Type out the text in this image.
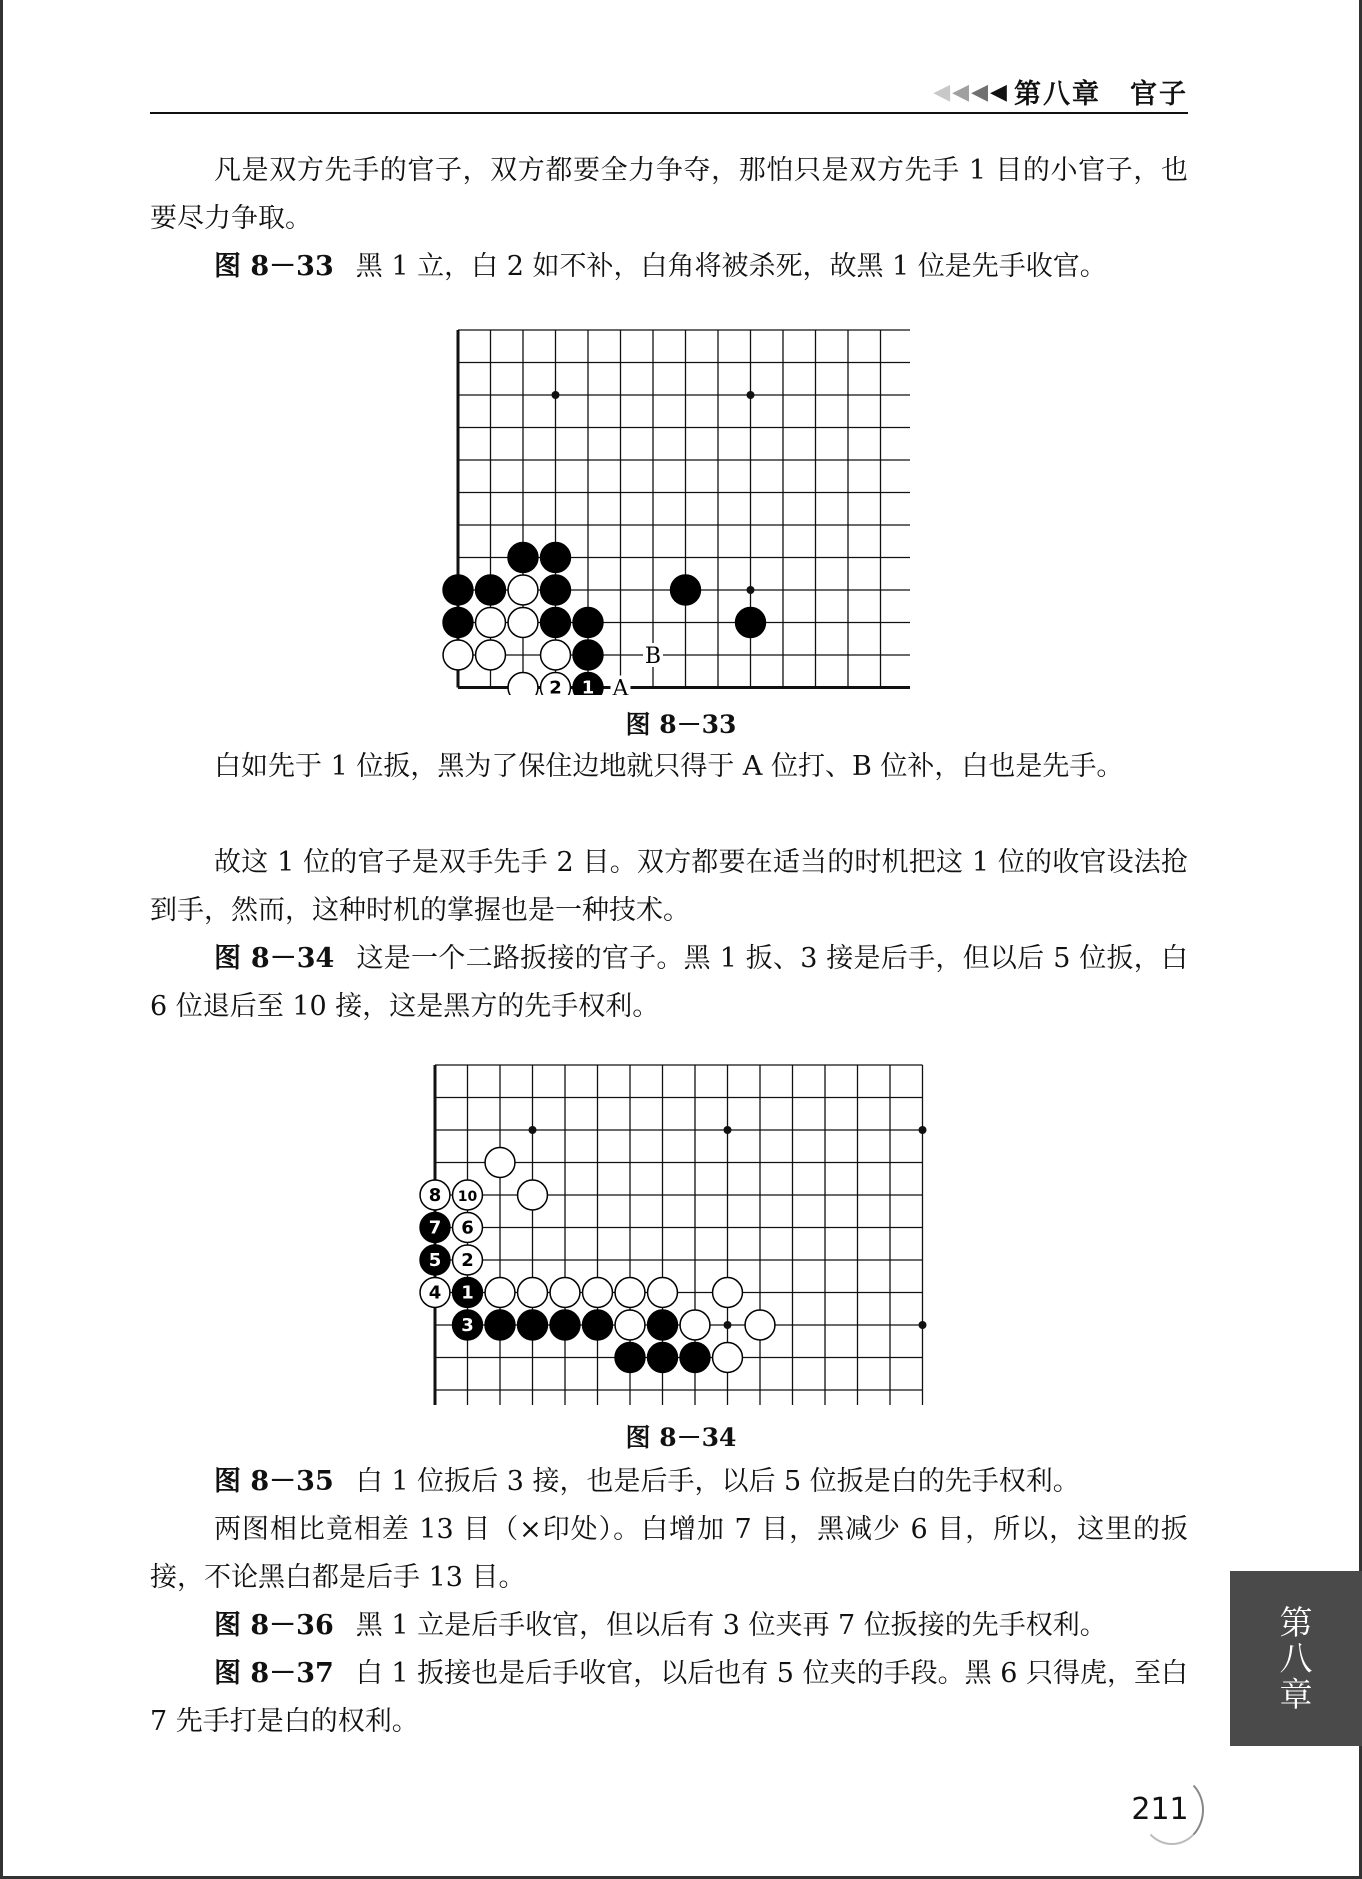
◀◀◀◀ 第八章　官子

凡是双方先手的官子，双方都要全力争夺，那怕只是双方先手 1 目的小官子，也要尽力争取。

图 8－33 黑 1 立，白 2 如不补，白角将被杀死，故黑 1 位是先手收官。

2 1
B
A
图 8－33

白如先于 1 位扳，黑为了保住边地就只得于 A 位打、B 位补，白也是先手。

故这 1 位的官子是双手先手 2 目。双方都要在适当的时机把这 1 位的收官设法抢到手，然而，这种时机的掌握也是一种技术。

图 8－34 这是一个二路扳接的官子。黑 1 扳、3 接是后手，但以后 5 位扳，白 6 位退后至 10 接，这是黑方的先手权利。

8 10
7 6
5 2
4 1
3
图 8－34

图 8－35 白 1 位扳后 3 接，也是后手，以后 5 位扳是白的先手权利。

两图相比竟相差 13 目（×印处）。白增加 7 目，黑减少 6 目，所以，这里的扳接，不论黑白都是后手 13 目。

图 8－36 黑 1 立是后手收官，但以后有 3 位夹再 7 位扳接的先手权利。

图 8－37 白 1 扳接也是后手收官，以后也有 5 位夹的手段。黑 6 只得虎，至白 7 先手打是白的权利。

第
八
章
211
